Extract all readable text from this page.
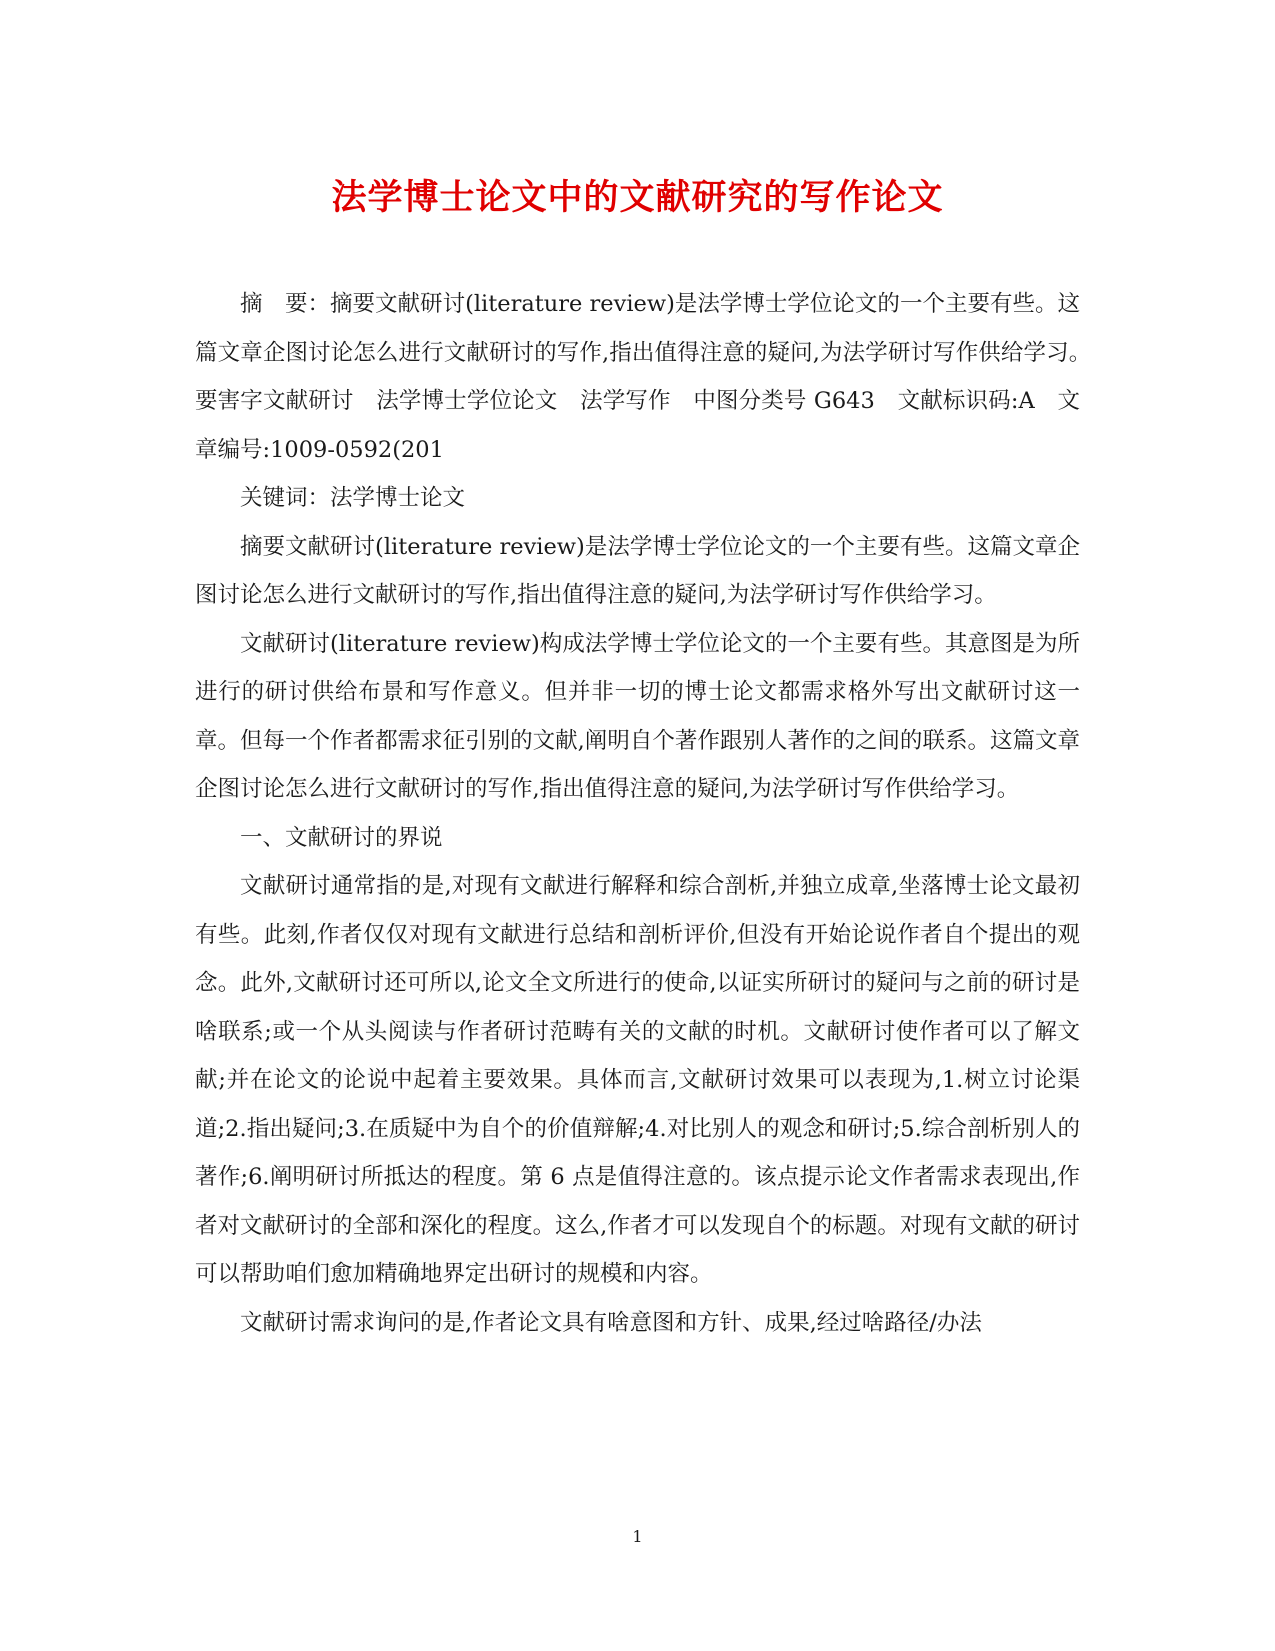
法学博士论文中的文献研究的写作论文

摘　要：摘要文献研讨(literature review)是法学博士学位论文的一个主要有些。这篇文章企图讨论怎么进行文献研讨的写作,指出值得注意的疑问,为法学研讨写作供给学习。　要害字文献研讨　法学博士学位论文　法学写作　中图分类号 G643　文献标识码:A　文章编号:1009-0592(201

关键词：法学博士论文

摘要文献研讨(literature review)是法学博士学位论文的一个主要有些。这篇文章企图讨论怎么进行文献研讨的写作,指出值得注意的疑问,为法学研讨写作供给学习。

文献研讨(literature review)构成法学博士学位论文的一个主要有些。其意图是为所进行的研讨供给布景和写作意义。但并非一切的博士论文都需求格外写出文献研讨这一章。但每一个作者都需求征引别的文献,阐明自个著作跟别人著作的之间的联系。这篇文章企图讨论怎么进行文献研讨的写作,指出值得注意的疑问,为法学研讨写作供给学习。

一、文献研讨的界说

文献研讨通常指的是,对现有文献进行解释和综合剖析,并独立成章,坐落博士论文最初有些。此刻,作者仅仅对现有文献进行总结和剖析评价,但没有开始论说作者自个提出的观念。此外,文献研讨还可所以,论文全文所进行的使命,以证实所研讨的疑问与之前的研讨是啥联系;或一个从头阅读与作者研讨范畴有关的文献的时机。文献研讨使作者可以了解文献;并在论文的论说中起着主要效果。具体而言,文献研讨效果可以表现为,1.树立讨论渠道;2.指出疑问;3.在质疑中为自个的价值辩解;4.对比别人的观念和研讨;5.综合剖析别人的著作;6.阐明研讨所抵达的程度。第 6 点是值得注意的。该点提示论文作者需求表现出,作者对文献研讨的全部和深化的程度。这么,作者才可以发现自个的标题。对现有文献的研讨可以帮助咱们愈加精确地界定出研讨的规模和内容。

文献研讨需求询问的是,作者论文具有啥意图和方针、成果,经过啥路径/办法

1
